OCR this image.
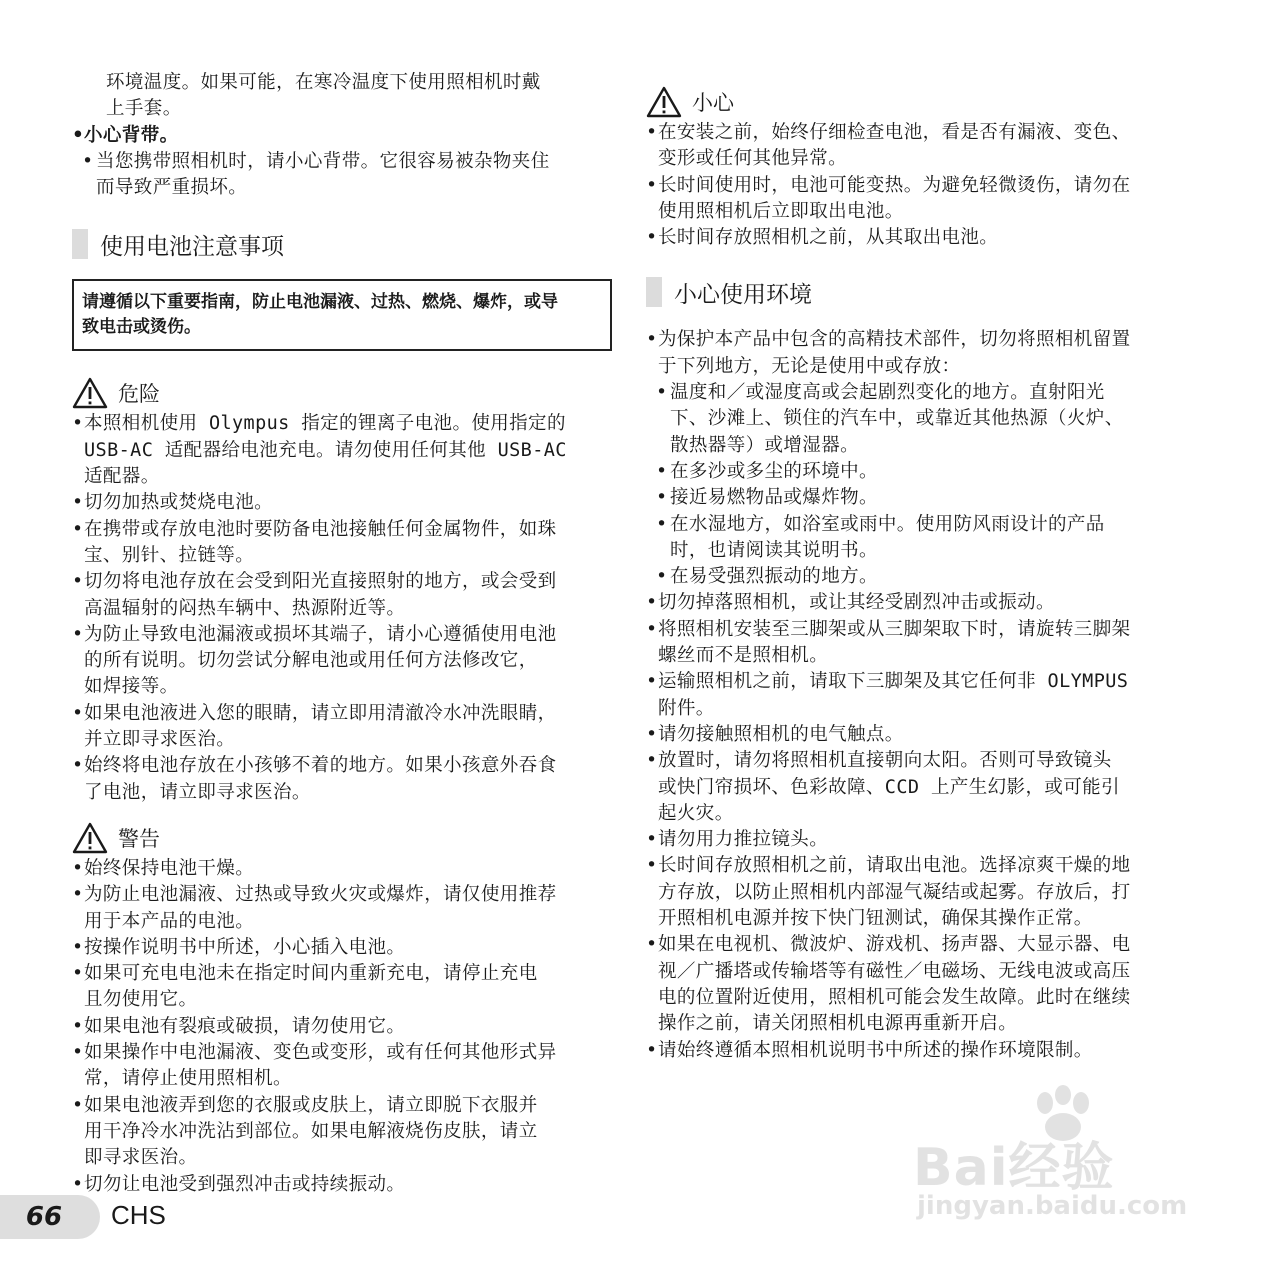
环境温度。如果可能，在寒冷温度下使用照相机时戴
上手套。
• 小心背带。
• 当您携带照相机时，请小心背带。它很容易被杂物夹住
而导致严重损坏。
使用电池注意事项
请遵循以下重要指南，防止电池漏液、过热、燃烧、爆炸，或导
致电击或烫伤。
危险
• 本照相机使用 Olympus 指定的锂离子电池。使用指定的
USB-AC 适配器给电池充电。请勿使用任何其他 USB-AC
适配器。
• 切勿加热或焚烧电池。
• 在携带或存放电池时要防备电池接触任何金属物件，如珠
宝、别针、拉链等。
• 切勿将电池存放在会受到阳光直接照射的地方，或会受到
高温辐射的闷热车辆中、热源附近等。
• 为防止导致电池漏液或损坏其端子，请小心遵循使用电池
的所有说明。切勿尝试分解电池或用任何方法修改它，
如焊接等。
• 如果电池液进入您的眼睛，请立即用清澈冷水冲洗眼睛，
并立即寻求医治。
• 始终将电池存放在小孩够不着的地方。如果小孩意外吞食
了电池，请立即寻求医治。
警告
• 始终保持电池干燥。
• 为防止电池漏液、过热或导致火灾或爆炸，请仅使用推荐
用于本产品的电池。
• 按操作说明书中所述，小心插入电池。
• 如果可充电电池未在指定时间内重新充电，请停止充电
且勿使用它。
• 如果电池有裂痕或破损，请勿使用它。
• 如果操作中电池漏液、变色或变形，或有任何其他形式异
常，请停止使用照相机。
• 如果电池液弄到您的衣服或皮肤上，请立即脱下衣服并
用干净冷水冲洗沾到部位。如果电解液烧伤皮肤，请立
即寻求医治。
• 切勿让电池受到强烈冲击或持续振动。
小心
• 在安装之前，始终仔细检查电池，看是否有漏液、变色、
变形或任何其他异常。
• 长时间使用时，电池可能变热。为避免轻微烫伤，请勿在
使用照相机后立即取出电池。
• 长时间存放照相机之前，从其取出电池。
小心使用环境
• 为保护本产品中包含的高精技术部件，切勿将照相机留置
于下列地方，无论是使用中或存放：
• 温度和／或湿度高或会起剧烈变化的地方。直射阳光
下、沙滩上、锁住的汽车中，或靠近其他热源（火炉、
散热器等）或增湿器。
• 在多沙或多尘的环境中。
• 接近易燃物品或爆炸物。
• 在水湿地方，如浴室或雨中。使用防风雨设计的产品
时，也请阅读其说明书。
• 在易受强烈振动的地方。
• 切勿掉落照相机，或让其经受剧烈冲击或振动。
• 将照相机安装至三脚架或从三脚架取下时，请旋转三脚架
螺丝而不是照相机。
• 运输照相机之前，请取下三脚架及其它任何非 OLYMPUS
附件。
• 请勿接触照相机的电气触点。
• 放置时，请勿将照相机直接朝向太阳。否则可导致镜头
或快门帘损坏、色彩故障、CCD 上产生幻影，或可能引
起火灾。
• 请勿用力推拉镜头。
• 长时间存放照相机之前，请取出电池。选择凉爽干燥的地
方存放，以防止照相机内部湿气凝结或起雾。存放后，打
开照相机电源并按下快门钮测试，确保其操作正常。
• 如果在电视机、微波炉、游戏机、扬声器、大显示器、电
视／广播塔或传输塔等有磁性／电磁场、无线电波或高压
电的位置附近使用，照相机可能会发生故障。此时在继续
操作之前，请关闭照相机电源再重新开启。
• 请始终遵循本照相机说明书中所述的操作环境限制。
Bai经验
jingyan.baidu.com
66 CHS
